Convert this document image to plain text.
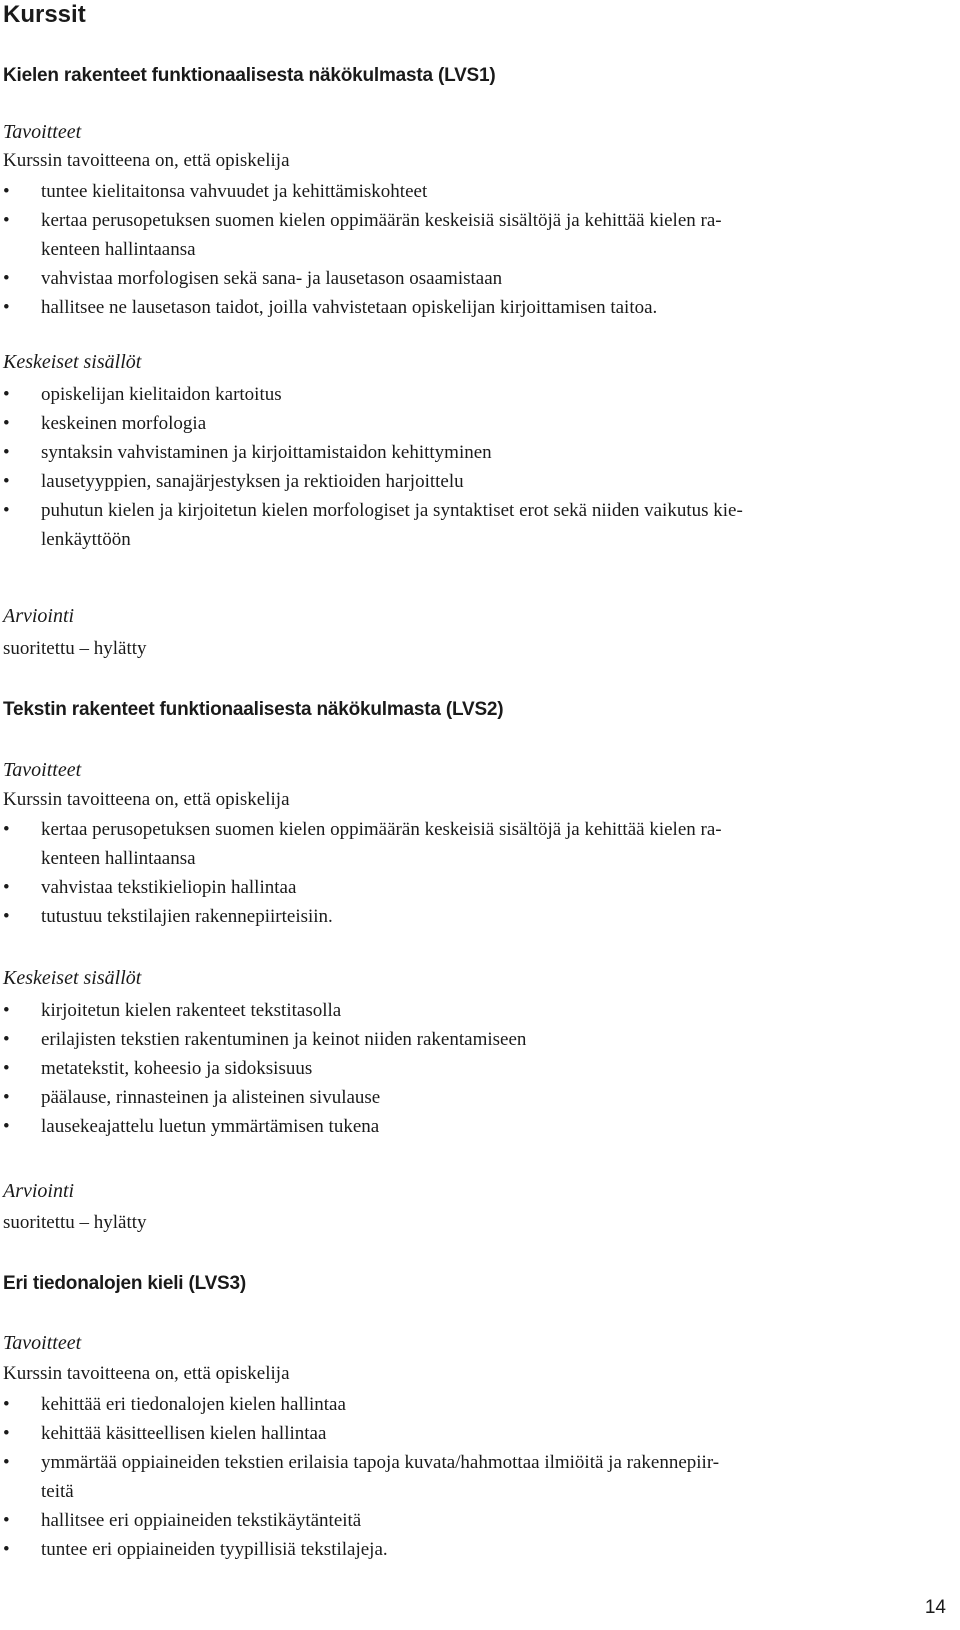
Kurssit
Kielen rakenteet funktionaalisesta näkökulmasta (LVS1)

Tavoitteet

Kurssin tavoitteena on, että opiskelija

•	tuntee kielitaitonsa vahvuudet ja kehittämiskohteet
•	kertaa perusopetuksen suomen kielen oppimäärän keskeisiä sisältöjä ja kehittää kielen ra-
kenteen hallintaansa
•	vahvistaa morfologisen sekä sana- ja lausetason osaamistaan
•	hallitsee ne lausetason taidot, joilla vahvistetaan opiskelijan kirjoittamisen taitoa.

Keskeiset sisällöt

•	opiskelijan kielitaidon kartoitus
•	keskeinen morfologia
•	syntaksin vahvistaminen ja kirjoittamistaidon kehittyminen
•	lausetyyppien, sanajärjestyksen ja rektioiden harjoittelu
•	puhutun kielen ja kirjoitetun kielen morfologiset ja syntaktiset erot sekä niiden vaikutus kie-
lenkäyttöön

Arviointi

suoritettu – hylätty

Tekstin rakenteet funktionaalisesta näkökulmasta (LVS2)

Tavoitteet

Kurssin tavoitteena on, että opiskelija

•	kertaa perusopetuksen suomen kielen oppimäärän keskeisiä sisältöjä ja kehittää kielen ra-
kenteen hallintaansa
•	vahvistaa tekstikieliopin hallintaa
•	tutustuu tekstilajien rakennepiirteisiin.

Keskeiset sisällöt

•	kirjoitetun kielen rakenteet tekstitasolla
•	erilajisten tekstien rakentuminen ja keinot niiden rakentamiseen
•	metatekstit, koheesio ja sidoksisuus
•	päälause, rinnasteinen ja alisteinen sivulause
•	lausekeajattelu luetun ymmärtämisen tukena

Arviointi

suoritettu – hylätty

Eri tiedonalojen kieli (LVS3)

Tavoitteet

Kurssin tavoitteena on, että opiskelija

•	kehittää eri tiedonalojen kielen hallintaa
•	kehittää käsitteellisen kielen hallintaa
•	ymmärtää oppiaineiden tekstien erilaisia tapoja kuvata/hahmottaa ilmiöitä ja rakennepiir-
teitä
•	hallitsee eri oppiaineiden tekstikäytänteitä
•	tuntee eri oppiaineiden tyypillisiä tekstilajeja.
14
